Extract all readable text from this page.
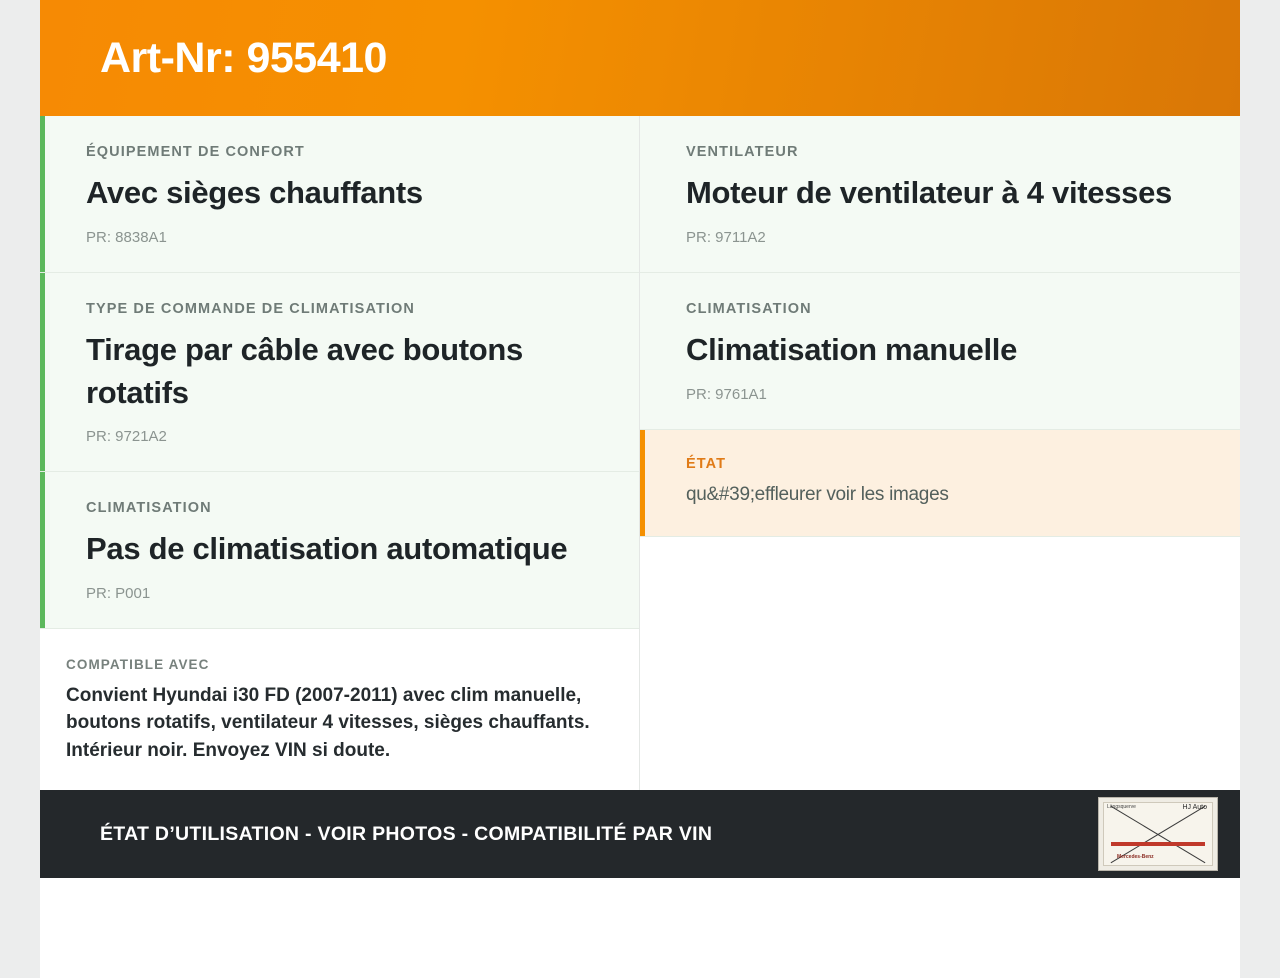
Art-Nr: 955410
ÉQUIPEMENT DE CONFORT
Avec sièges chauffants
PR: 8838A1
TYPE DE COMMANDE DE CLIMATISATION
Tirage par câble avec boutons rotatifs
PR: 9721A2
CLIMATISATION
Pas de climatisation automatique
PR: P001
VENTILATEUR
Moteur de ventilateur à 4 vitesses
PR: 9711A2
CLIMATISATION
Climatisation manuelle
PR: 9761A1
ÉTAT
qu&#39;effleurer voir les images
COMPATIBLE AVEC
Convient Hyundai i30 FD (2007-2011) avec clim manuelle, boutons rotatifs, ventilateur 4 vitesses, sièges chauffants. Intérieur noir. Envoyez VIN si doute.
ÉTAT D’UTILISATION - VOIR PHOTOS - COMPATIBILITÉ PAR VIN
Längsquerve	HJ Auto
Mercedes-Benz
